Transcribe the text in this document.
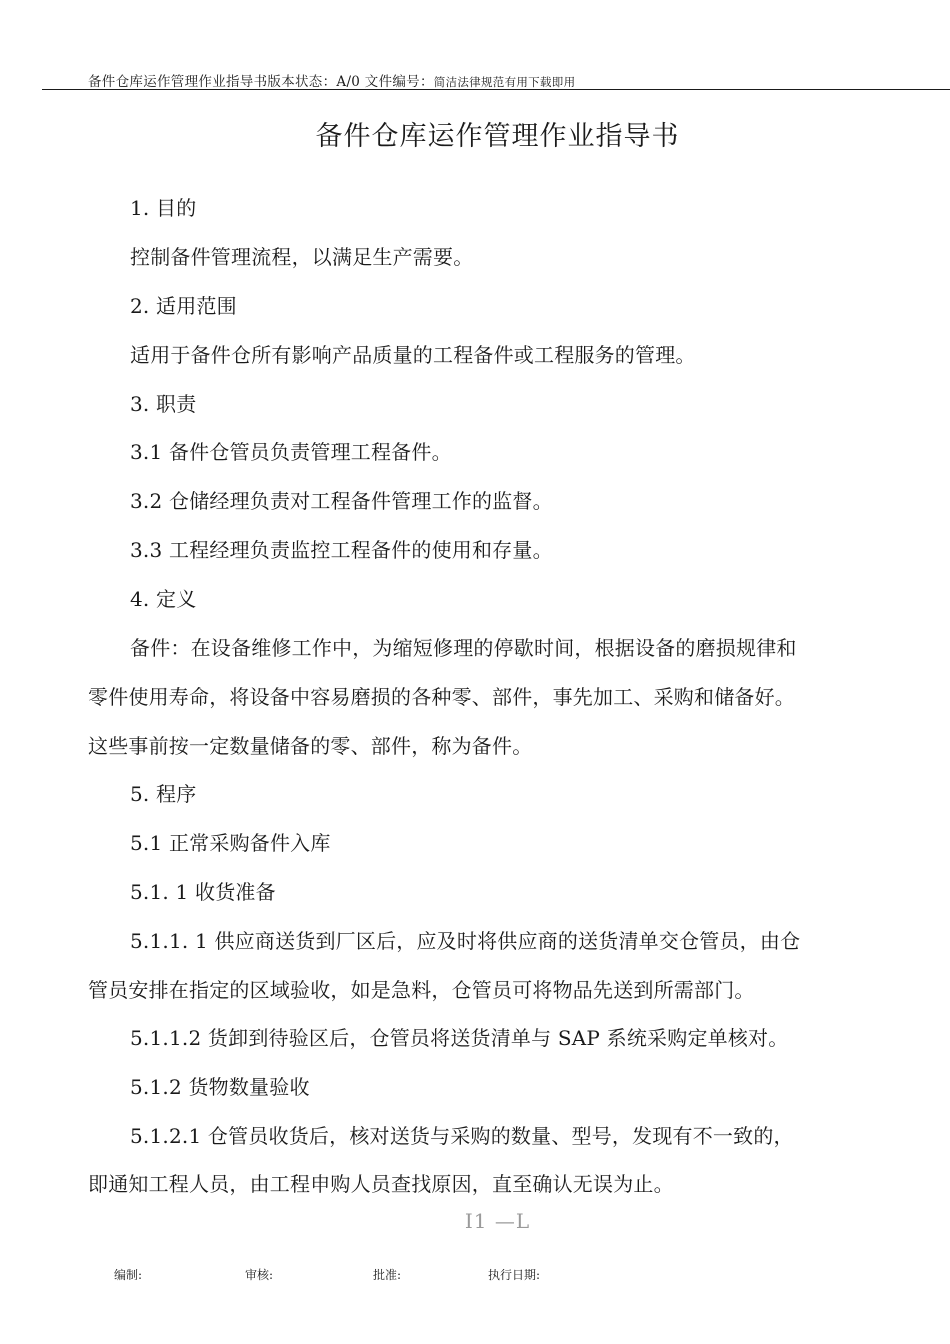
备件仓库运作管理作业指导书版本状态：A/0 文件编号：简洁法律规范有用下载即用
备件仓库运作管理作业指导书
1. 目的
控制备件管理流程，以满足生产需要。
2. 适用范围
适用于备件仓所有影响产品质量的工程备件或工程服务的管理。
3. 职责
3.1 备件仓管员负责管理工程备件。
3.2 仓储经理负责对工程备件管理工作的监督。
3.3 工程经理负责监控工程备件的使用和存量。
4. 定义
备件：在设备维修工作中，为缩短修理的停歇时间，根据设备的磨损规律和
零件使用寿命，将设备中容易磨损的各种零、部件，事先加工、采购和储备好。
这些事前按一定数量储备的零、部件，称为备件。
5. 程序
5.1 正常采购备件入库
5.1. 1 收货准备
5.1.1. 1 供应商送货到厂区后，应及时将供应商的送货清单交仓管员，由仓
管员安排在指定的区域验收，如是急料，仓管员可将物品先送到所需部门。
5.1.1.2 货卸到待验区后，仓管员将送货清单与 SAP 系统采购定单核对。
5.1.2 货物数量验收
5.1.2.1 仓管员收货后，核对送货与采购的数量、型号，发现有不一致的，
即通知工程人员，由工程申购人员查找原因，直至确认无误为止。
I1 —L
编制:	审核:	批准:	执行日期:
